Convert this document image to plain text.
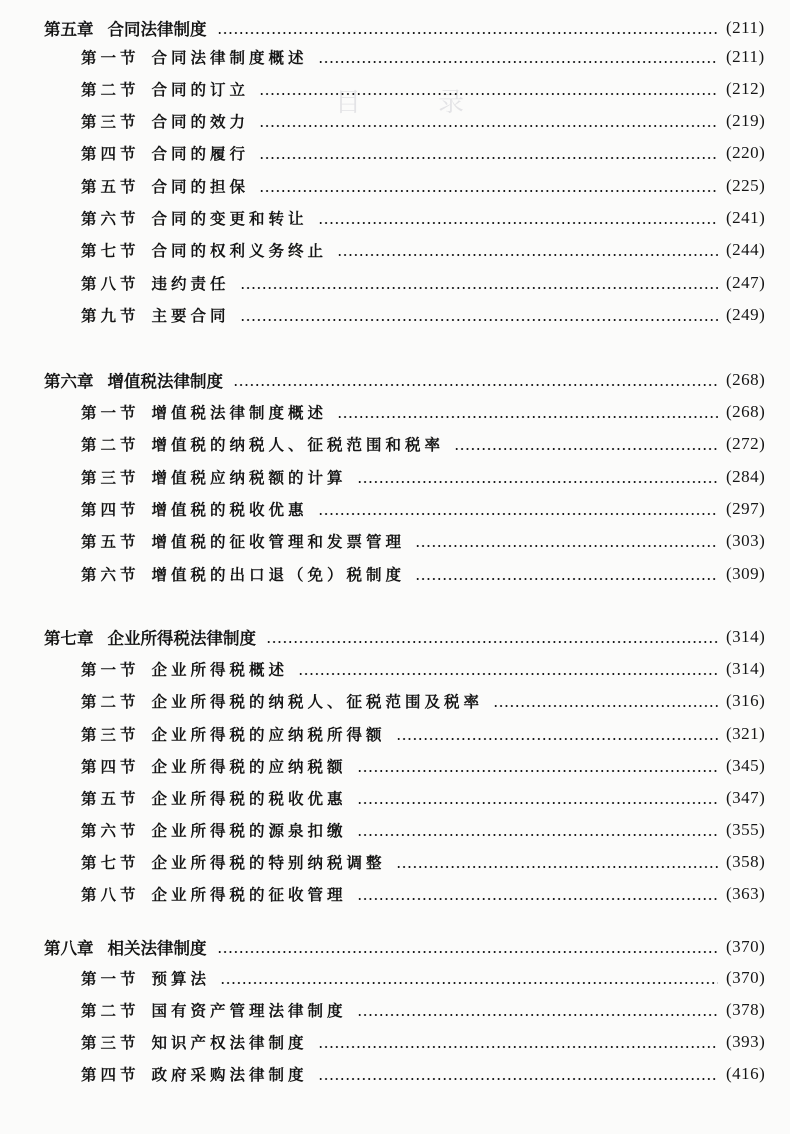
目	录
第五章 合同法律制度	(211)
第一节 合同法律制度概述	(211)
第二节 合同的订立	(212)
第三节 合同的效力	(219)
第四节 合同的履行	(220)
第五节 合同的担保	(225)
第六节 合同的变更和转让	(241)
第七节 合同的权利义务终止	(244)
第八节 违约责任	(247)
第九节 主要合同	(249)
第六章 增值税法律制度	(268)
第一节 增值税法律制度概述	(268)
第二节 增值税的纳税人、征税范围和税率	(272)
第三节 增值税应纳税额的计算	(284)
第四节 增值税的税收优惠	(297)
第五节 增值税的征收管理和发票管理	(303)
第六节 增值税的出口退（免）税制度	(309)
第七章 企业所得税法律制度	(314)
第一节 企业所得税概述	(314)
第二节 企业所得税的纳税人、征税范围及税率	(316)
第三节 企业所得税的应纳税所得额	(321)
第四节 企业所得税的应纳税额	(345)
第五节 企业所得税的税收优惠	(347)
第六节 企业所得税的源泉扣缴	(355)
第七节 企业所得税的特别纳税调整	(358)
第八节 企业所得税的征收管理	(363)
第八章 相关法律制度	(370)
第一节 预算法	(370)
第二节 国有资产管理法律制度	(378)
第三节 知识产权法律制度	(393)
第四节 政府采购法律制度	(416)
